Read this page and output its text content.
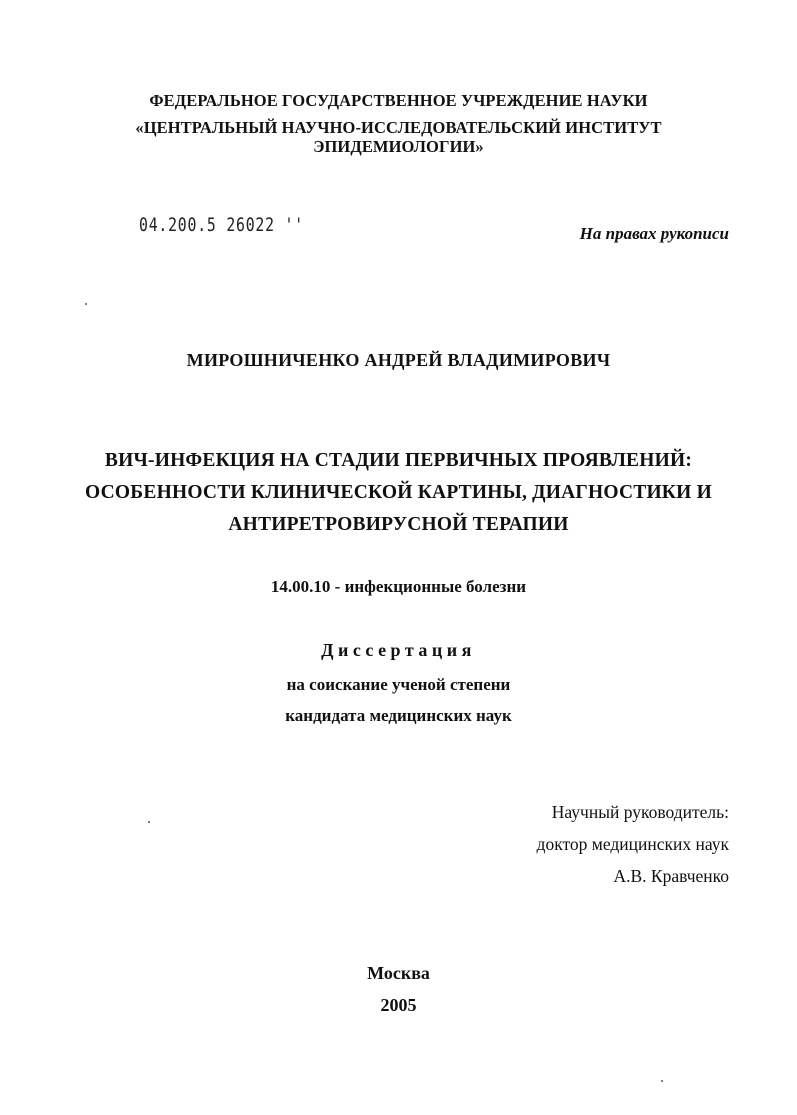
ФЕДЕРАЛЬНОЕ ГОСУДАРСТВЕННОЕ УЧРЕЖДЕНИЕ НАУКИ

«ЦЕНТРАЛЬНЫЙ НАУЧНО-ИССЛЕДОВАТЕЛЬСКИЙ ИНСТИТУТ

ЭПИДЕМИОЛОГИИ»

04.200.5 26022 ''	На правах рукописи

МИРОШНИЧЕНКО АНДРЕЙ ВЛАДИМИРОВИЧ

ВИЧ-ИНФЕКЦИЯ НА СТАДИИ ПЕРВИЧНЫХ ПРОЯВЛЕНИЙ:
ОСОБЕННОСТИ КЛИНИЧЕСКОЙ КАРТИНЫ, ДИАГНОСТИКИ И
АНТИРЕТРОВИРУСНОЙ ТЕРАПИИ

14.00.10 - инфекционные болезни

Диссертация

на соискание ученой степени

кандидата медицинских наук

Научный руководитель:
доктор медицинских наук
А.В. Кравченко

Москва

2005
